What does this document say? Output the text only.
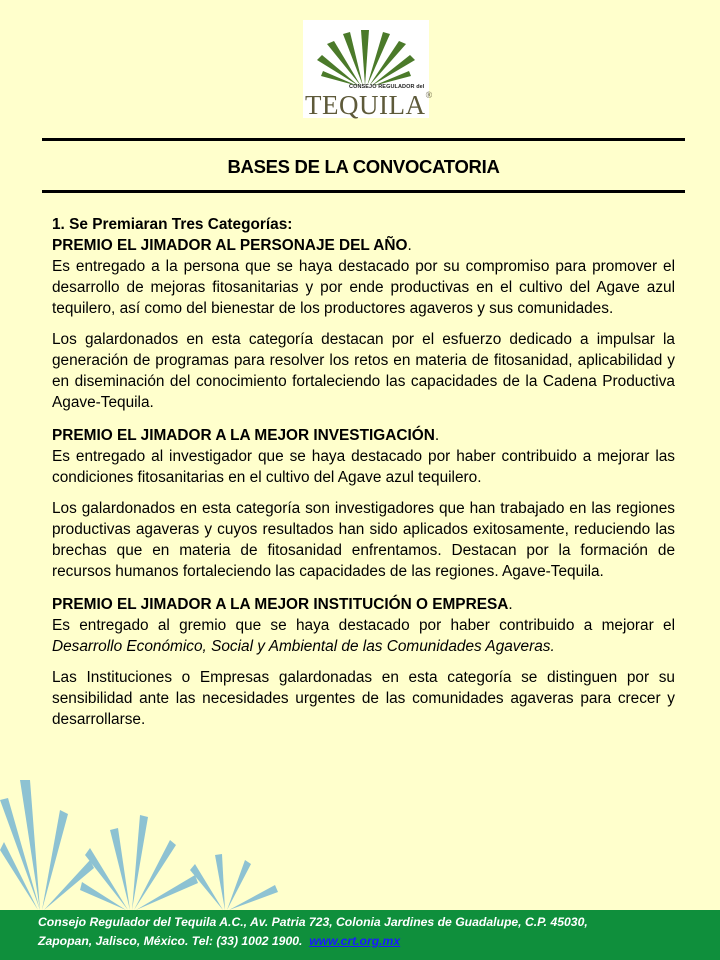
CONSEJO REGULADOR del
TEQUILA®
BASES DE LA CONVOCATORIA

1. Se Premiaran Tres Categorías:

PREMIO EL JIMADOR AL PERSONAJE DEL AÑO.

Es entregado a la persona que se haya destacado por su compromiso para promover el desarrollo de mejoras fitosanitarias y por ende productivas en el cultivo del Agave azul tequilero, así como del bienestar de los productores agaveros y sus comunidades.

Los galardonados en esta categoría destacan por el esfuerzo dedicado a impulsar la generación de programas para resolver los retos en materia de fitosanidad, aplicabilidad y en diseminación del conocimiento fortaleciendo las capacidades de la Cadena Productiva Agave-Tequila.

PREMIO EL JIMADOR A LA MEJOR INVESTIGACIÓN.

Es entregado al investigador que se haya destacado por haber contribuido a mejorar las condiciones fitosanitarias en el cultivo del Agave azul tequilero.

Los galardonados en esta categoría son investigadores que han trabajado en las regiones productivas agaveras y cuyos resultados han sido aplicados exitosamente, reduciendo las brechas que en materia de fitosanidad enfrentamos. Destacan por la formación de recursos humanos fortaleciendo las capacidades de las regiones. Agave-Tequila.

PREMIO EL JIMADOR A LA MEJOR INSTITUCIÓN O EMPRESA.

Es entregado al gremio que se haya destacado por haber contribuido a mejorar el Desarrollo Económico, Social y Ambiental de las Comunidades Agaveras.

Las Instituciones o Empresas galardonadas en esta categoría se distinguen por su sensibilidad ante las necesidades urgentes de las comunidades agaveras para crecer y desarrollarse.

Consejo Regulador del Tequila A.C., Av. Patria 723, Colonia Jardines de Guadalupe, C.P. 45030,
Zapopan, Jalisco, México. Tel: (33) 1002 1900. www.crt.org.mx
